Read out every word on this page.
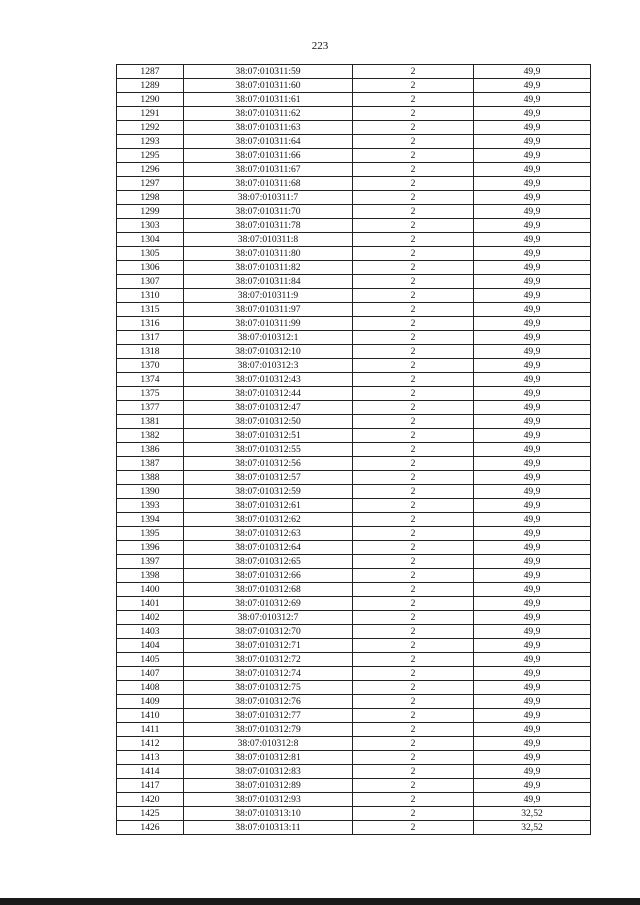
223
1287	38:07:010311:59	2	49,9
1289	38:07:010311:60	2	49,9
1290	38:07:010311:61	2	49,9
1291	38:07:010311:62	2	49,9
1292	38:07:010311:63	2	49,9
1293	38:07:010311:64	2	49,9
1295	38:07:010311:66	2	49,9
1296	38:07:010311:67	2	49,9
1297	38:07:010311:68	2	49,9
1298	38:07:010311:7	2	49,9
1299	38:07:010311:70	2	49,9
1303	38:07:010311:78	2	49,9
1304	38:07:010311:8	2	49,9
1305	38:07:010311:80	2	49,9
1306	38:07:010311:82	2	49,9
1307	38:07:010311:84	2	49,9
1310	38:07:010311:9	2	49,9
1315	38:07:010311:97	2	49,9
1316	38:07:010311:99	2	49,9
1317	38:07:010312:1	2	49,9
1318	38:07:010312:10	2	49,9
1370	38:07:010312:3	2	49,9
1374	38:07:010312:43	2	49,9
1375	38:07:010312:44	2	49,9
1377	38:07:010312:47	2	49,9
1381	38:07:010312:50	2	49,9
1382	38:07:010312:51	2	49,9
1386	38:07:010312:55	2	49,9
1387	38:07:010312:56	2	49,9
1388	38:07:010312:57	2	49,9
1390	38:07:010312:59	2	49,9
1393	38:07:010312:61	2	49,9
1394	38:07:010312:62	2	49,9
1395	38:07:010312:63	2	49,9
1396	38:07:010312:64	2	49,9
1397	38:07:010312:65	2	49,9
1398	38:07:010312:66	2	49,9
1400	38:07:010312:68	2	49,9
1401	38:07:010312:69	2	49,9
1402	38:07:010312:7	2	49,9
1403	38:07:010312:70	2	49,9
1404	38:07:010312:71	2	49,9
1405	38:07:010312:72	2	49,9
1407	38:07:010312:74	2	49,9
1408	38:07:010312:75	2	49,9
1409	38:07:010312:76	2	49,9
1410	38:07:010312:77	2	49,9
1411	38:07:010312:79	2	49,9
1412	38:07:010312:8	2	49,9
1413	38:07:010312:81	2	49,9
1414	38:07:010312:83	2	49,9
1417	38:07:010312:89	2	49,9
1420	38:07:010312:93	2	49,9
1425	38:07:010313:10	2	32,52
1426	38:07:010313:11	2	32,52
